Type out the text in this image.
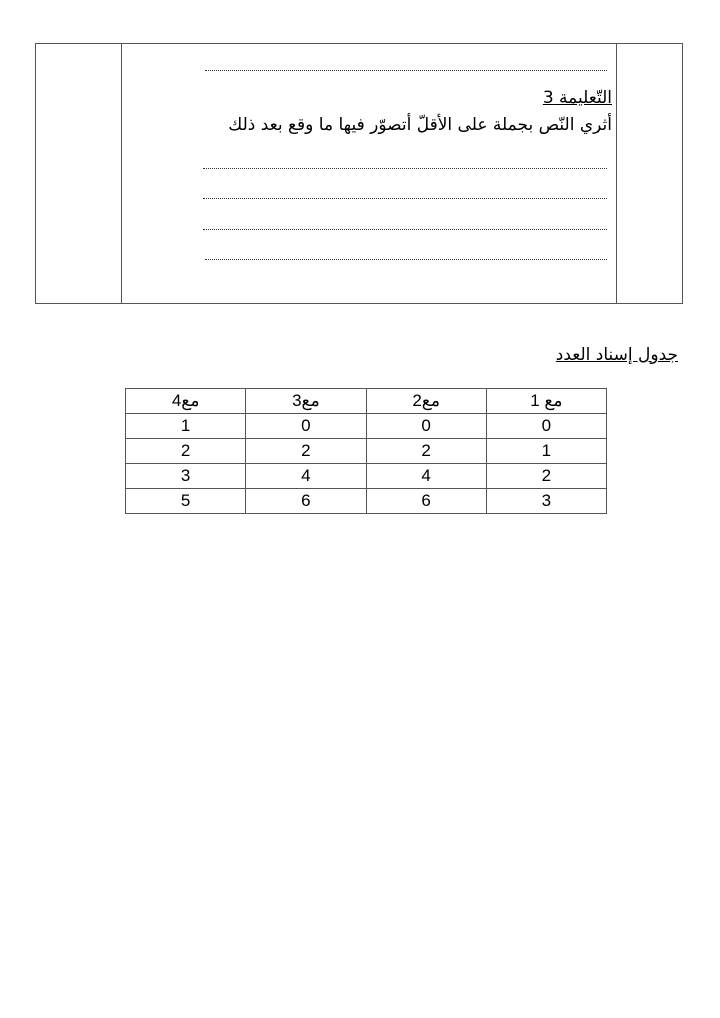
التّعليمة 3
أثري النّص بجملة على الأقلّ أتصوّر فيها ما وقع بعد ذلك
جدول إسناد العدد
مع 1	مع2	مع3	مع4
0	0	0	1
1	2	2	2
2	4	4	3
3	6	6	5
